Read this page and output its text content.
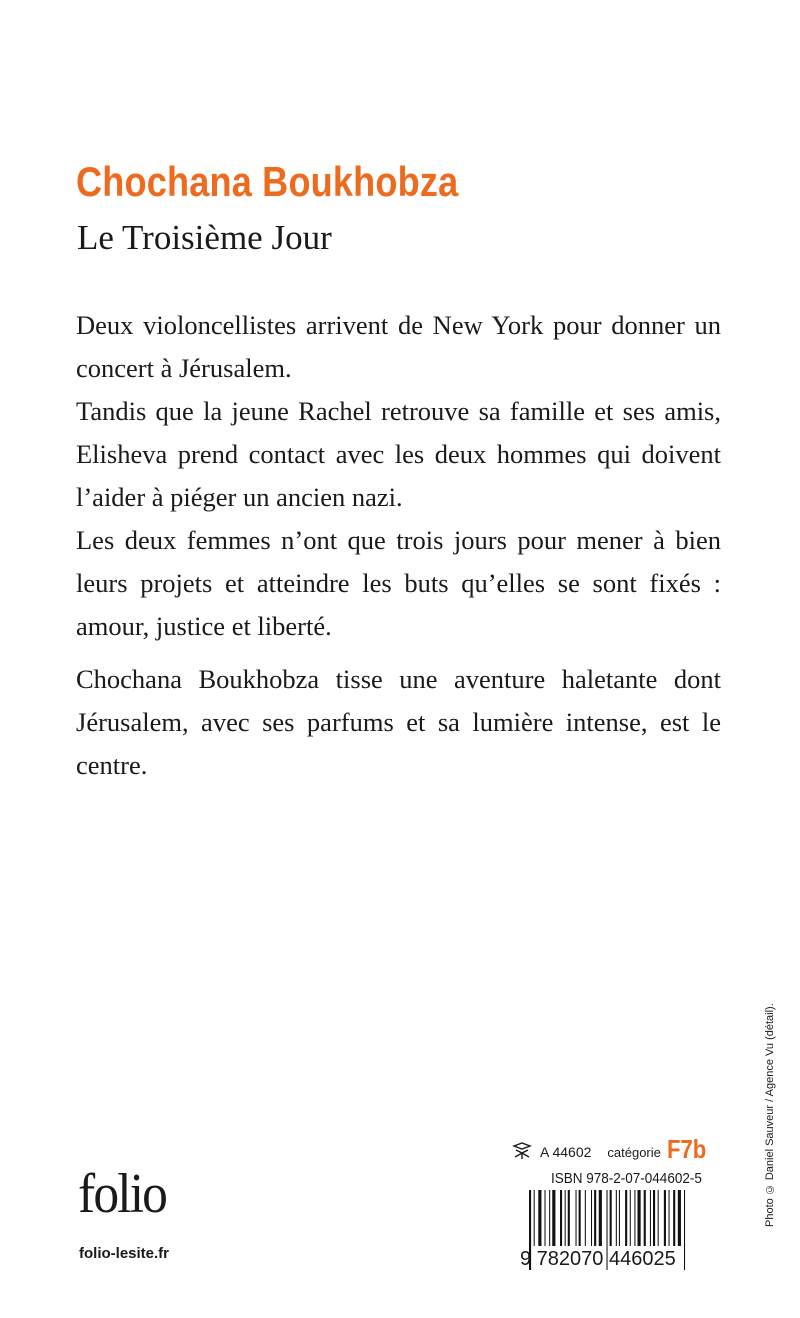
Chochana Boukhobza
Le Troisième Jour

Deux violoncellistes arrivent de New York pour donner un concert à Jérusalem.

Tandis que la jeune Rachel retrouve sa famille et ses amis, Elisheva prend contact avec les deux hommes qui doivent l’aider à piéger un ancien nazi.

Les deux femmes n’ont que trois jours pour mener à bien leurs projets et atteindre les buts qu’elles se sont fixés : amour, justice et liberté.

Chochana Boukhobza tisse une aventure haletante dont Jérusalem, avec ses parfums et sa lumière intense, est le centre.

folio
folio-lesite.fr
A 44602 catégorie F7b
ISBN 978-2-07-044602-5
9 782070 446025
Photo © Daniel Sauveur / Agence Vu (détail).
